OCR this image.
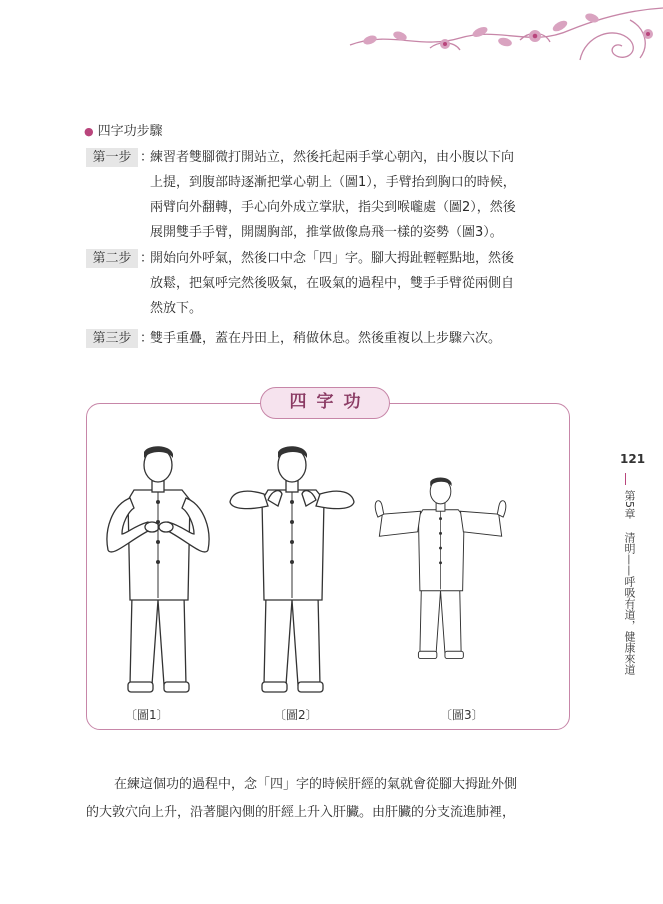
● 四字功步驟
第一步 ：
練習者雙腳微打開站立，然後托起兩手掌心朝內，由小腹以下向
上提，到腹部時逐漸把掌心朝上（圖1），手臂抬到胸口的時候，
兩臂向外翻轉，手心向外成立掌狀，指尖到喉嚨處（圖2），然後
展開雙手手臂，開闊胸部，推掌做像鳥飛一樣的姿勢（圖3）。
第二步 ：
開始向外呼氣，然後口中念「四」字。腳大拇趾輕輕點地，然後
放鬆，把氣呼完然後吸氣，在吸氣的過程中，雙手手臂從兩側自
然放下。
第三步 ：
雙手重疊，蓋在丹田上，稍做休息。然後重複以上步驟六次。
四字功
〔圖1〕	〔圖2〕	〔圖3〕
121
第5章
清明——呼吸有道，健康來道
在練這個功的過程中，念「四」字的時候肝經的氣就會從腳大拇趾外側
的大敦穴向上升，沿著腿內側的肝經上升入肝臟。由肝臟的分支流進肺裡，
